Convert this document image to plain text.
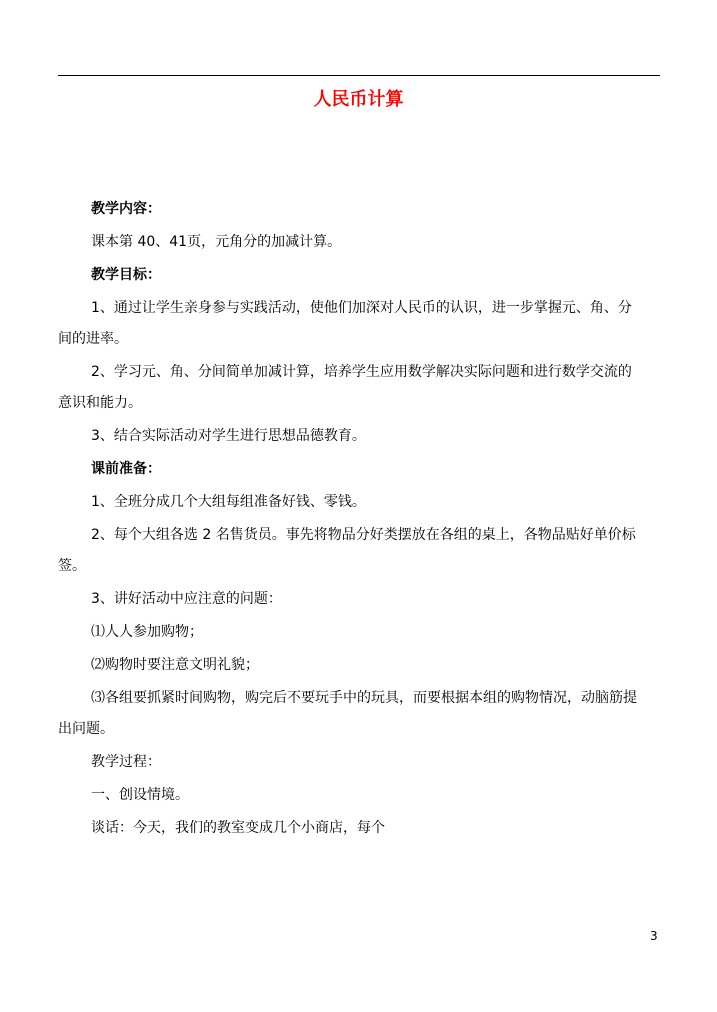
人民币计算
教学内容：
课本第 40、41页，元角分的加减计算。
教学目标：
1、通过让学生亲身参与实践活动，使他们加深对人民币的认识，进一步掌握元、角、分
间的进率。
2、学习元、角、分间简单加减计算，培养学生应用数学解决实际问题和进行数学交流的
意识和能力。
3、结合实际活动对学生进行思想品德教育。
课前准备：
1、全班分成几个大组每组准备好钱、零钱。
2、每个大组各选 2 名售货员。事先将物品分好类摆放在各组的桌上，各物品贴好单价标
签。
3、讲好活动中应注意的问题：
⑴人人参加购物；
⑵购物时要注意文明礼貌；
⑶各组要抓紧时间购物，购完后不要玩手中的玩具，而要根据本组的购物情况，动脑筋提
出问题。
教学过程：
一、创设情境。
谈话：今天，我们的教室变成几个小商店，每个
3
